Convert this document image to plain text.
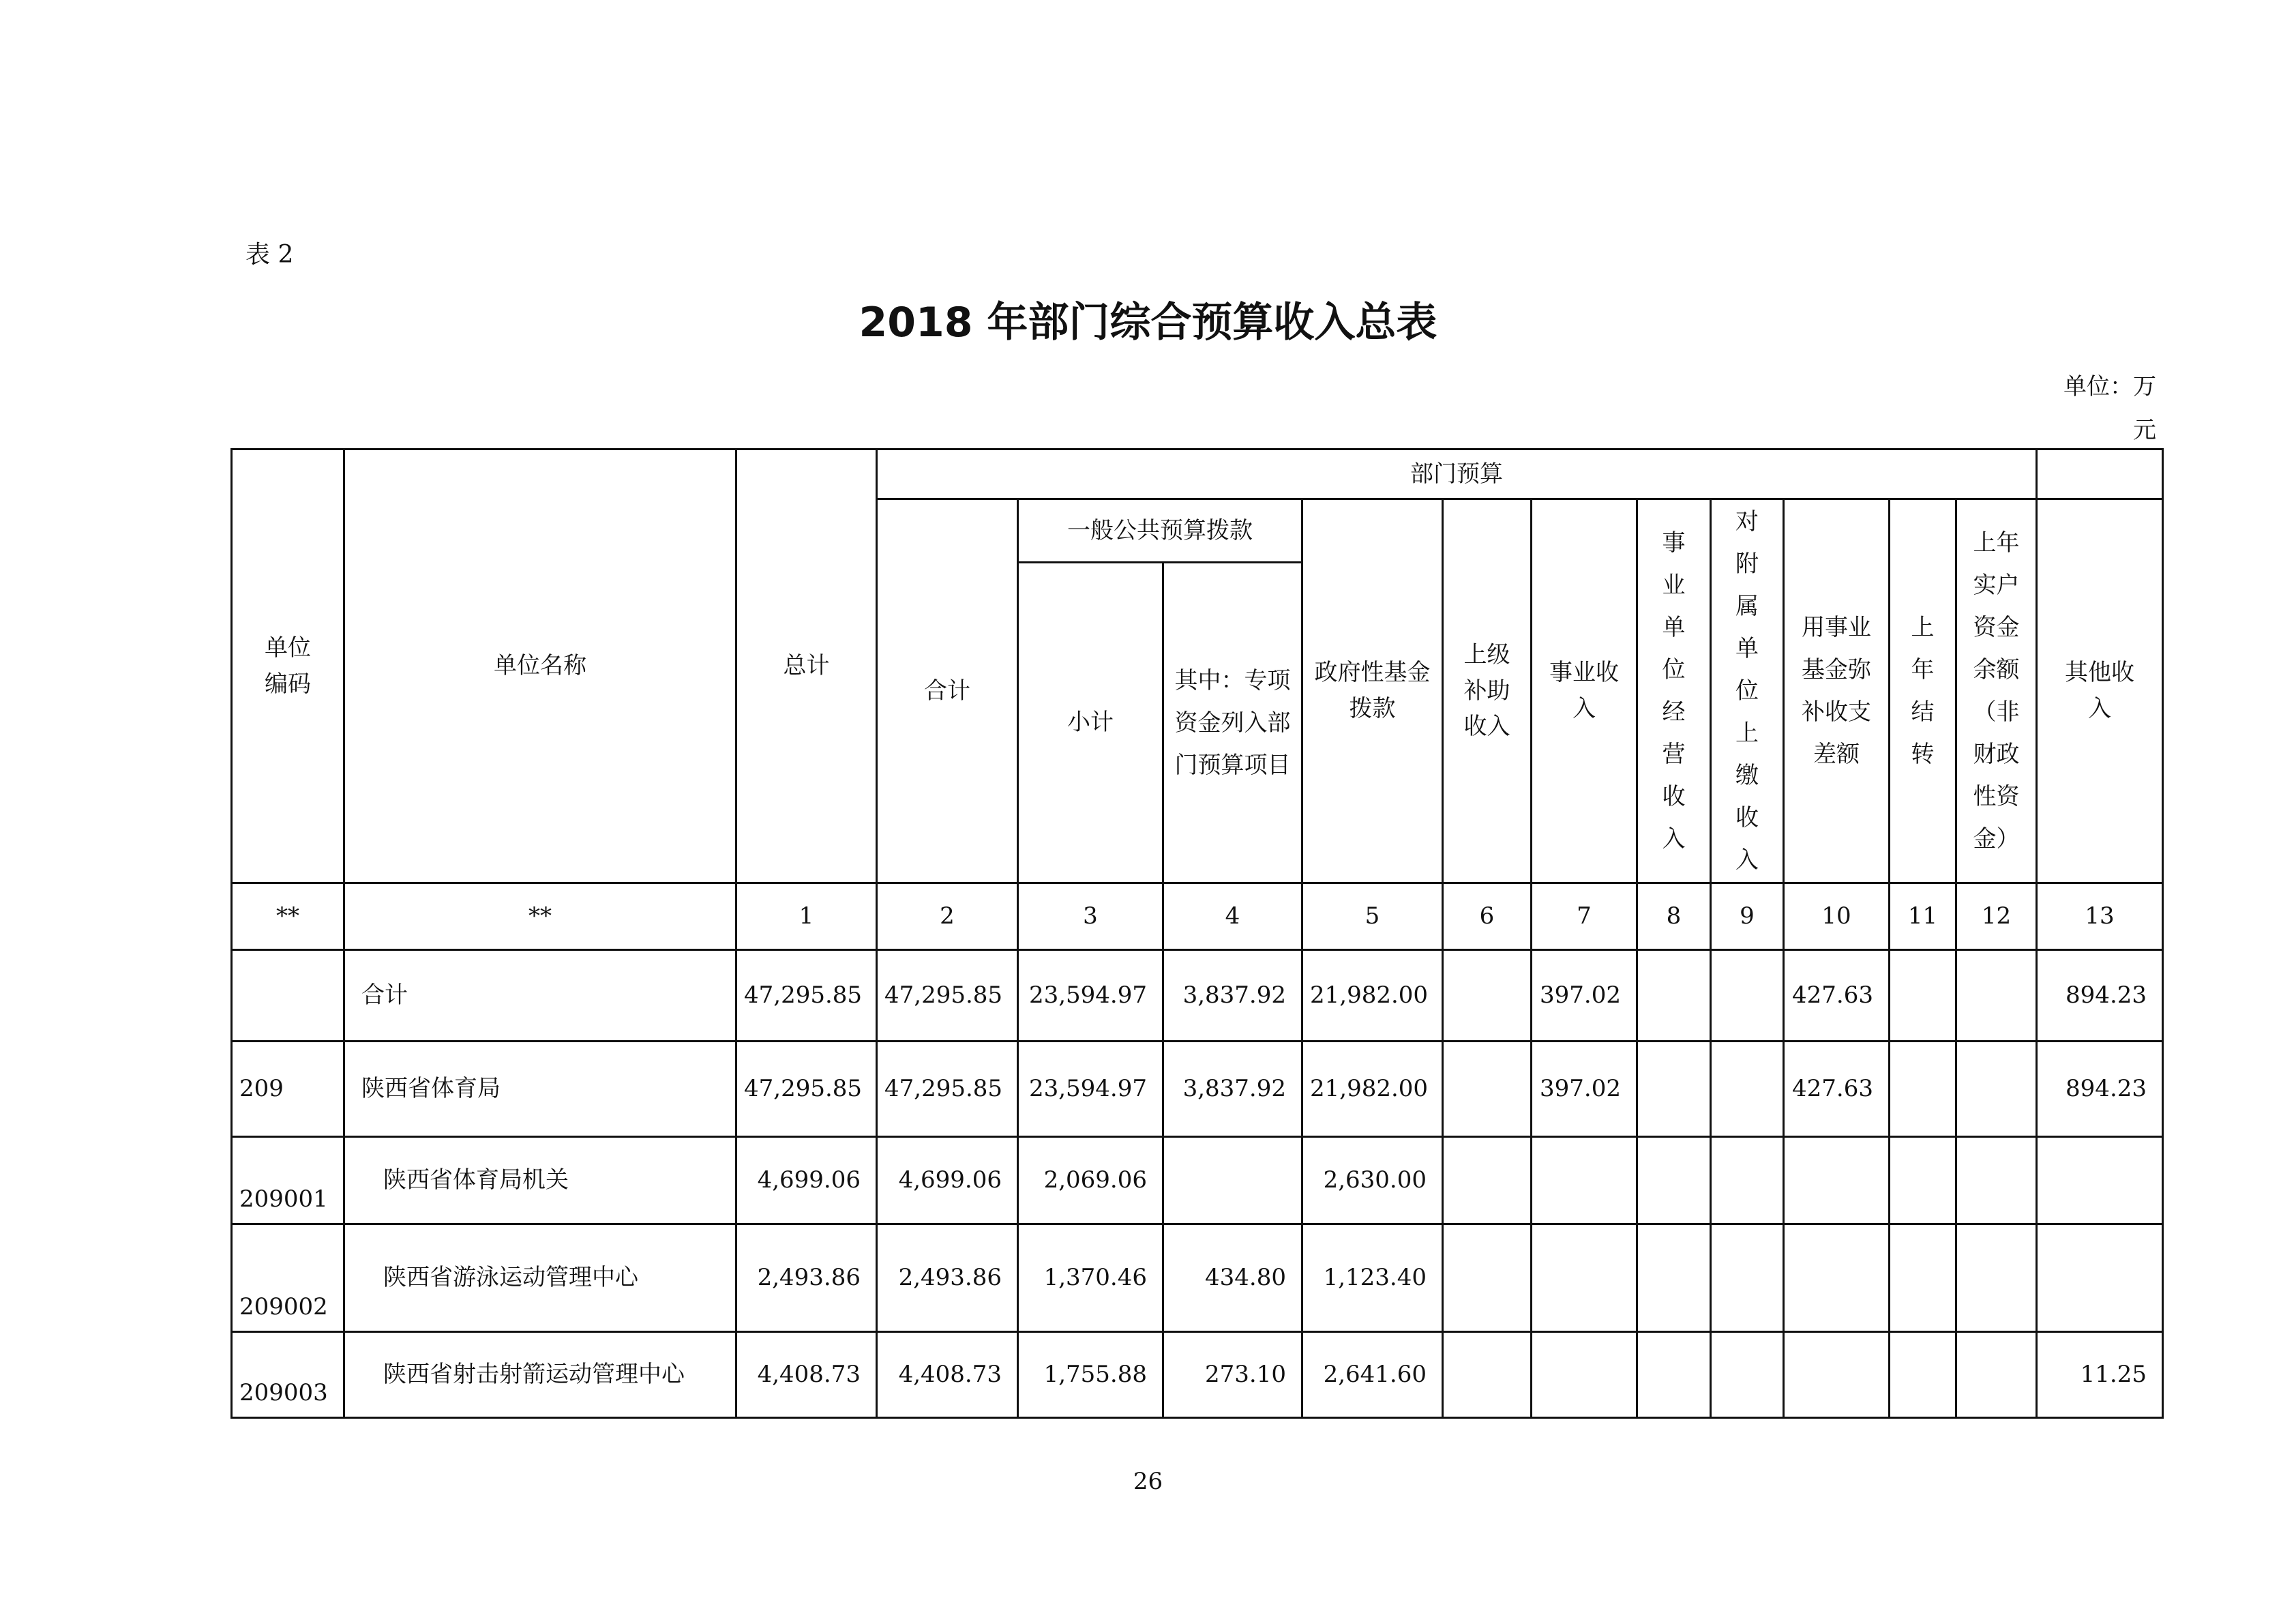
表 2
2018 年部门综合预算收入总表
单位：万
元
单位编码	单位名称	总计	部门预算											
			合计	一般公共预算拨款		政府性基金拨款	上级补助收入	事业收入	事业单位经营收入	对附属单位上缴收入	用事业基金弥补收支差额	上年结转	上年实户资金余额（非财政性资金）	其他收入

				小计	其中：专项资金列入部门预算项目									

**	**	1	2	3	4	5	6	7	8	9	10	11	12	13
	合计	47,295.85	47,295.85	23,594.97	3,837.92	21,982.00		397.02			427.63			894.23
209	陕西省体育局	47,295.85	47,295.85	23,594.97	3,837.92	21,982.00		397.02			427.63			894.23
209001	陕西省体育局机关	4,699.06	4,699.06	2,069.06		2,630.00								
209002	陕西省游泳运动管理中心	2,493.86	2,493.86	1,370.46	434.80	1,123.40								
209003	陕西省射击射箭运动管理中心	4,408.73	4,408.73	1,755.88	273.10	2,641.60								11.25
26
